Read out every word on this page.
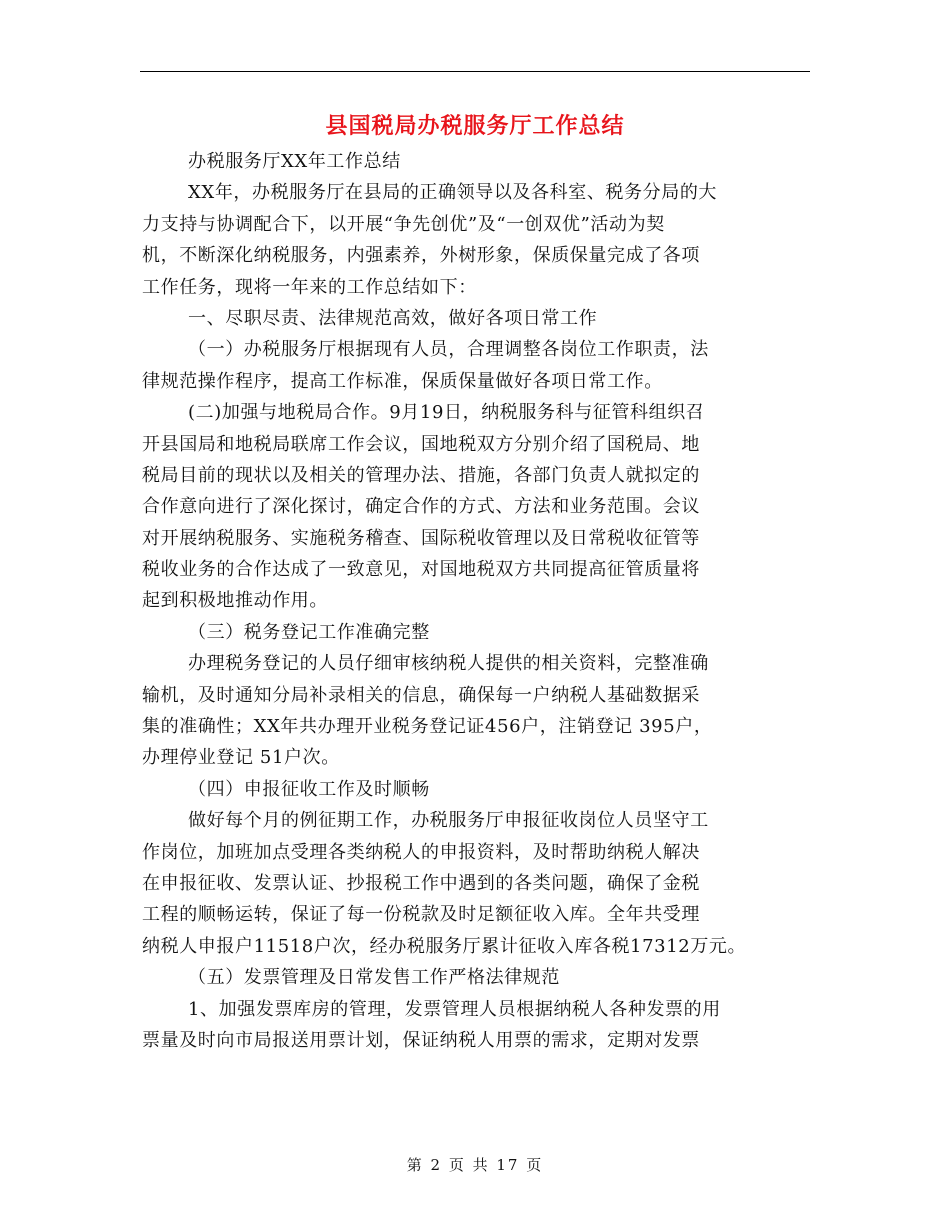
县国税局办税服务厅工作总结
办税服务厅XX年工作总结
XX年，办税服务厅在县局的正确领导以及各科室、税务分局的大
力支持与协调配合下，以开展“争先创优”及“一创双优”活动为契
机，不断深化纳税服务，内强素养，外树形象，保质保量完成了各项
工作任务，现将一年来的工作总结如下：
一、尽职尽责、法律规范高效，做好各项日常工作
（一）办税服务厅根据现有人员，合理调整各岗位工作职责，法
律规范操作程序，提高工作标准，保质保量做好各项日常工作。
(二)加强与地税局合作。9月19日，纳税服务科与征管科组织召
开县国局和地税局联席工作会议，国地税双方分别介绍了国税局、地
税局目前的现状以及相关的管理办法、措施，各部门负责人就拟定的
合作意向进行了深化探讨，确定合作的方式、方法和业务范围。会议
对开展纳税服务、实施税务稽查、国际税收管理以及日常税收征管等
税收业务的合作达成了一致意见，对国地税双方共同提高征管质量将
起到积极地推动作用。
（三）税务登记工作准确完整
办理税务登记的人员仔细审核纳税人提供的相关资料，完整准确
输机，及时通知分局补录相关的信息，确保每一户纳税人基础数据采
集的准确性；XX年共办理开业税务登记证456户，注销登记 395户，
办理停业登记 51户次。
（四）申报征收工作及时顺畅
做好每个月的例征期工作，办税服务厅申报征收岗位人员坚守工
作岗位，加班加点受理各类纳税人的申报资料，及时帮助纳税人解决
在申报征收、发票认证、抄报税工作中遇到的各类问题，确保了金税
工程的顺畅运转，保证了每一份税款及时足额征收入库。全年共受理
纳税人申报户11518户次，经办税服务厅累计征收入库各税17312万元。
（五）发票管理及日常发售工作严格法律规范
1、加强发票库房的管理，发票管理人员根据纳税人各种发票的用
票量及时向市局报送用票计划，保证纳税人用票的需求，定期对发票
第 2 页 共 17 页
